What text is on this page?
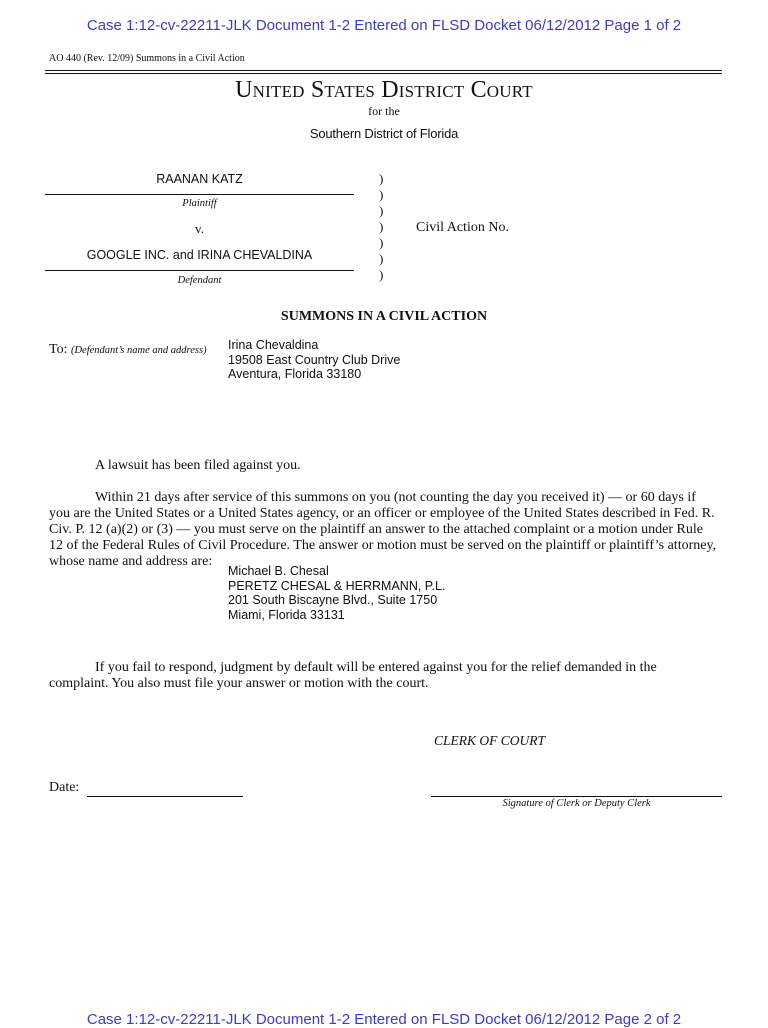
Case 1:12-cv-22211-JLK Document 1-2 Entered on FLSD Docket 06/12/2012 Page 1 of 2
AO 440 (Rev. 12/09) Summons in a Civil Action
United States District Court
for the
Southern District of Florida
RAANAN KATZ
Plaintiff
v.
GOOGLE INC. and IRINA CHEVALDINA
Defendant
)
)
)
)
)
)
)
Civil Action No.
SUMMONS IN A CIVIL ACTION
To: (Defendant’s name and address) Irina Chevaldina
19508 East Country Club Drive
Aventura, Florida 33180
A lawsuit has been filed against you.
Within 21 days after service of this summons on you (not counting the day you received it) — or 60 days if you are the United States or a United States agency, or an officer or employee of the United States described in Fed. R. Civ. P. 12 (a)(2) or (3) — you must serve on the plaintiff an answer to the attached complaint or a motion under Rule 12 of the Federal Rules of Civil Procedure. The answer or motion must be served on the plaintiff or plaintiff’s attorney, whose name and address are:
Michael B. Chesal
PERETZ CHESAL & HERRMANN, P.L.
201 South Biscayne Blvd., Suite 1750
Miami, Florida 33131
If you fail to respond, judgment by default will be entered against you for the relief demanded in the complaint. You also must file your answer or motion with the court.
CLERK OF COURT
Date:
Signature of Clerk or Deputy Clerk
Case 1:12-cv-22211-JLK Document 1-2 Entered on FLSD Docket 06/12/2012 Page 2 of 2
